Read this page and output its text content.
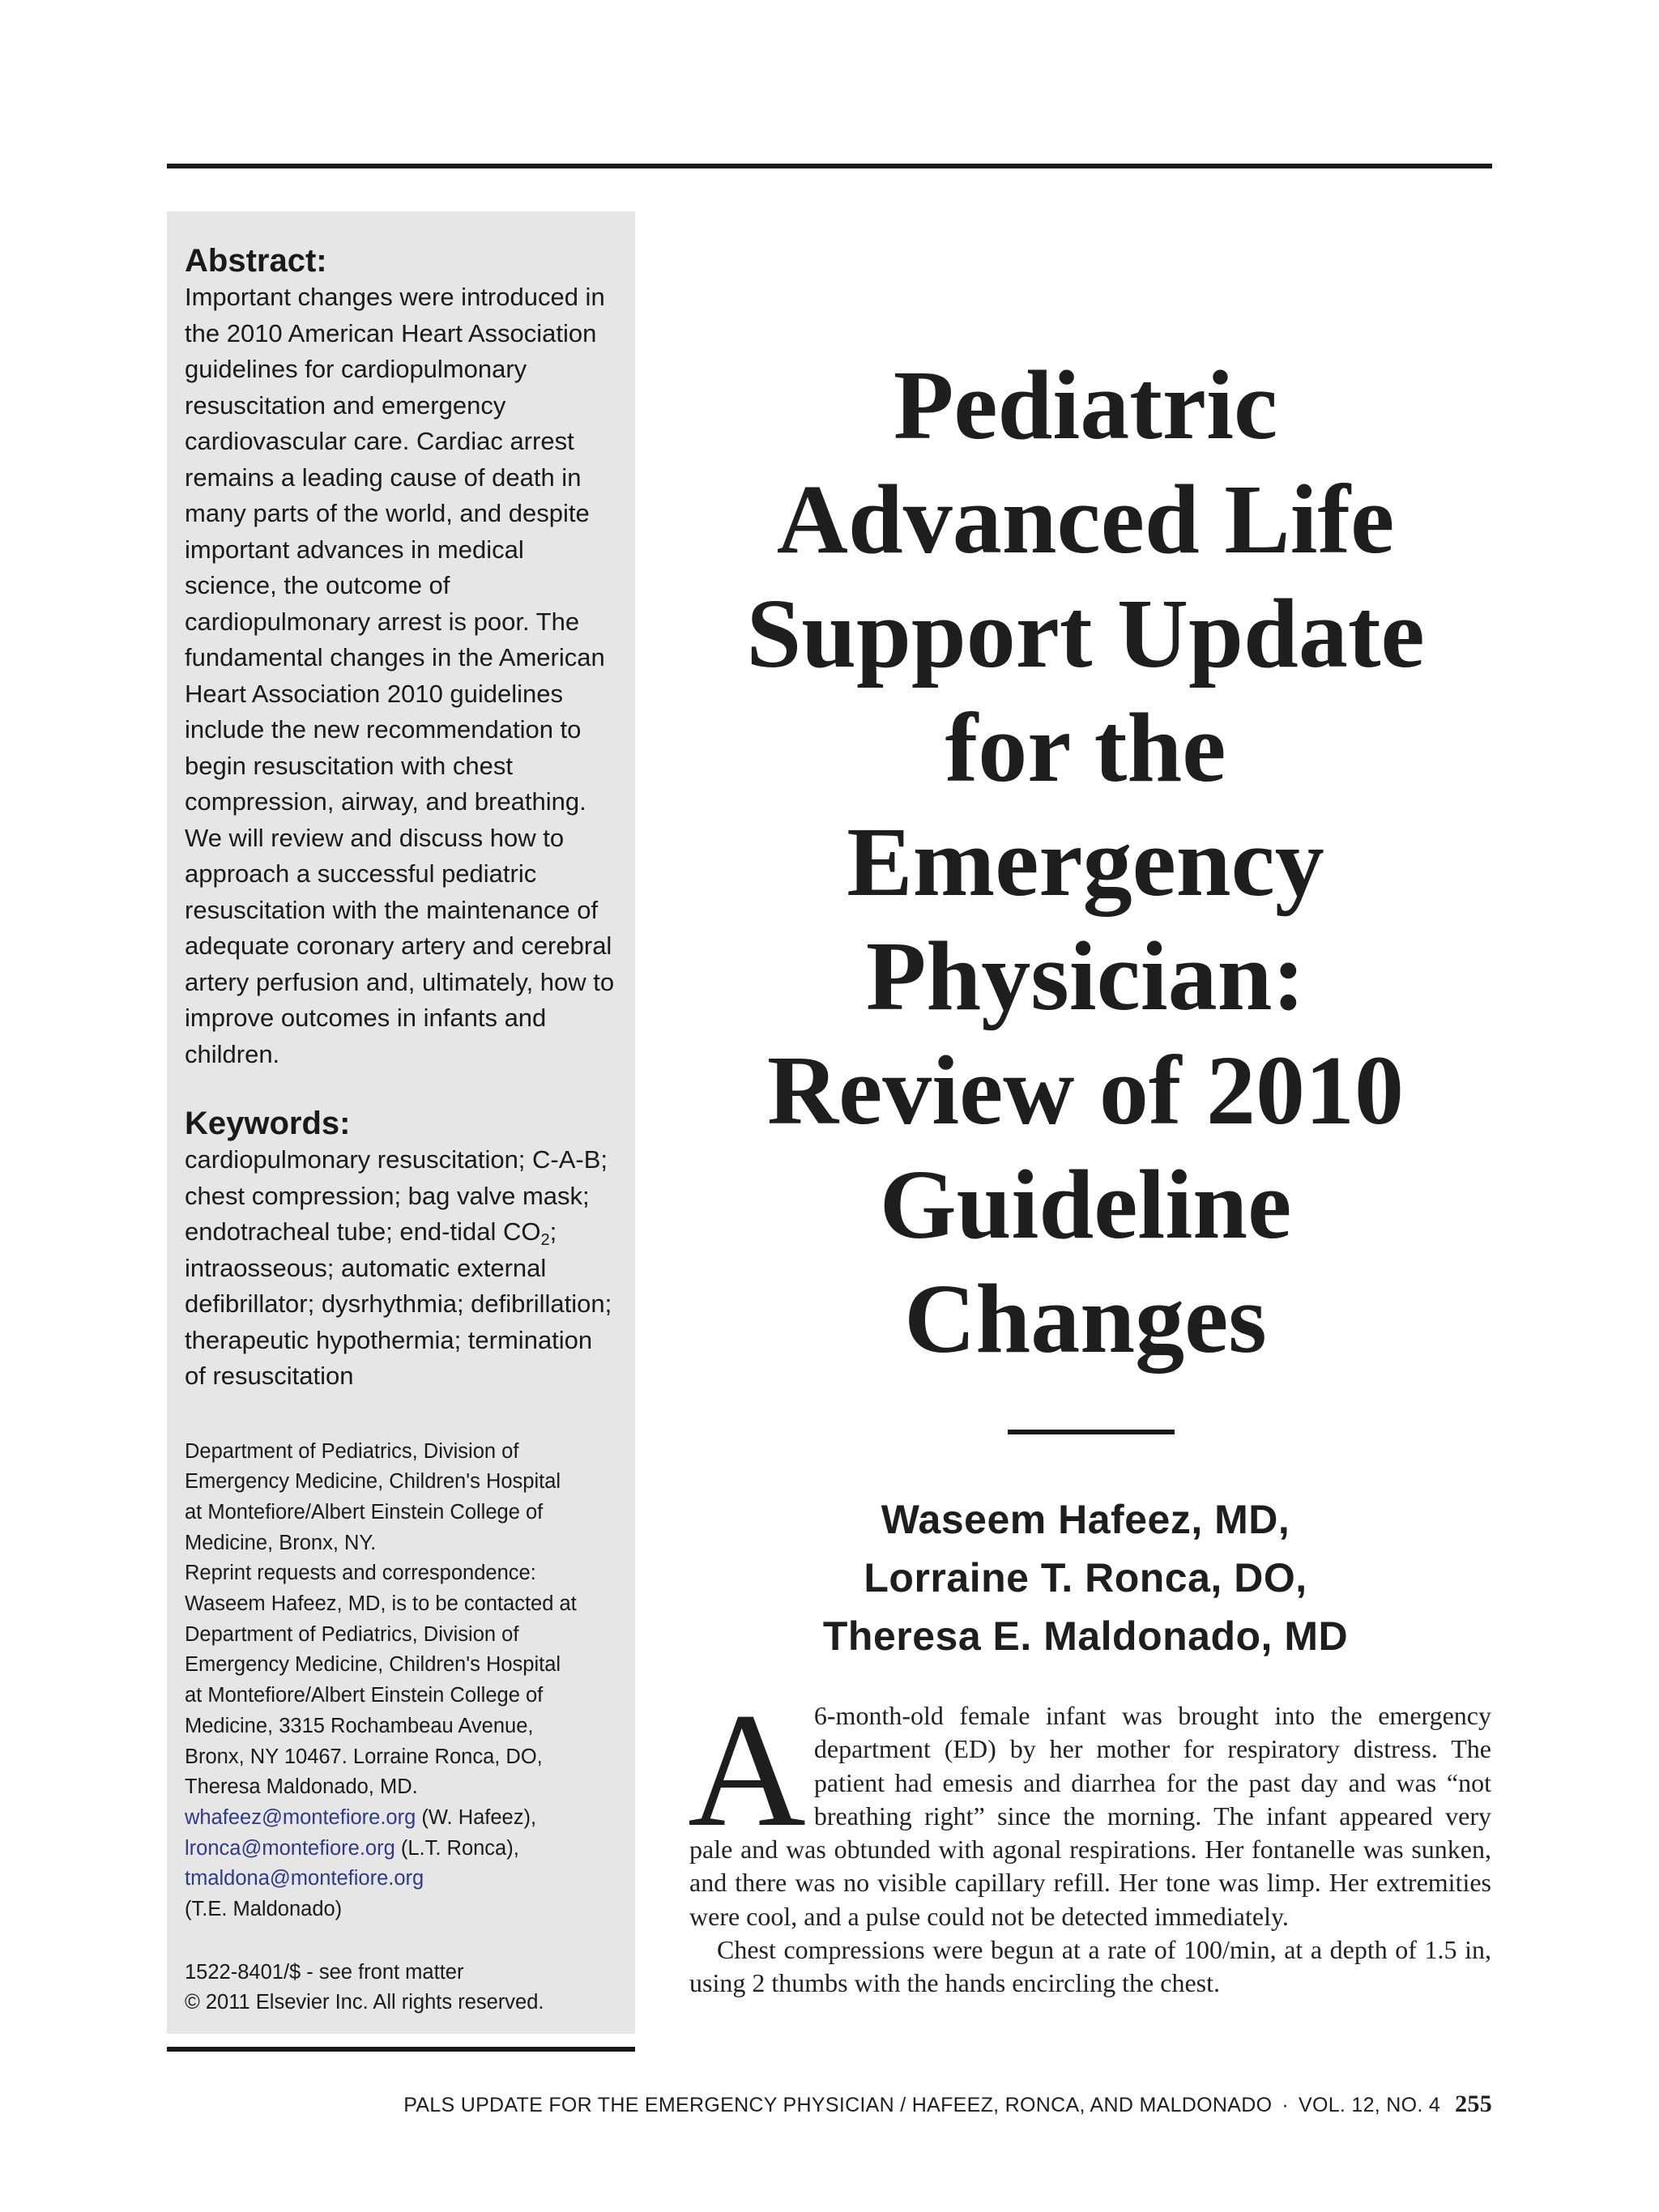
Abstract:

Important changes were introduced in the 2010 American Heart Association guidelines for cardiopulmonary resuscitation and emergency cardiovascular care. Cardiac arrest remains a leading cause of death in many parts of the world, and despite important advances in medical science, the outcome of cardiopulmonary arrest is poor. The fundamental changes in the American Heart Association 2010 guidelines include the new recommendation to begin resuscitation with chest compression, airway, and breathing. We will review and discuss how to approach a successful pediatric resuscitation with the maintenance of adequate coronary artery and cerebral artery perfusion and, ultimately, how to improve outcomes in infants and children.

Keywords:

cardiopulmonary resuscitation; C-A-B; chest compression; bag valve mask; endotracheal tube; end-tidal $CO_2$; intraosseous; automatic external defibrillator; dysrhythmia; defibrillation; therapeutic hypothermia; termination of resuscitation

Department of Pediatrics, Division of
Emergency Medicine, Children's Hospital
at Montefiore/Albert Einstein College of
Medicine, Bronx, NY.
Reprint requests and correspondence:
Waseem Hafeez, MD, is to be contacted at
Department of Pediatrics, Division of
Emergency Medicine, Children's Hospital
at Montefiore/Albert Einstein College of
Medicine, 3315 Rochambeau Avenue,
Bronx, NY 10467. Lorraine Ronca, DO,
Theresa Maldonado, MD.
whafeez@montefiore.org (W. Hafeez),
lronca@montefiore.org (L.T. Ronca),
tmaldona@montefiore.org
(T.E. Maldonado)

1522-8401/$ - see front matter
© 2011 Elsevier Inc. All rights reserved.

Pediatric
Advanced Life
Support Update
for the
Emergency
Physician:
Review of 2010
Guideline
Changes
Waseem Hafeez, MD,
Lorraine T. Ronca, DO,
Theresa E. Maldonado, MD

A 6-month-old female infant was brought into the emergency department (ED) by her mother for respiratory distress. The patient had emesis and diarrhea for the past day and was “not breathing right” since the morning. The infant appeared very pale and was obtunded with agonal respirations. Her fontanelle was sunken, and there was no visible capillary refill. Her tone was limp. Her extremities were cool, and a pulse could not be detected immediately.

Chest compressions were begun at a rate of 100/min, at a depth of 1.5 in, using 2 thumbs with the hands encircling the chest.

PALS UPDATE FOR THE EMERGENCY PHYSICIAN / HAFEEZ, RONCA, AND MALDONADO · VOL. 12, NO. 4 255
